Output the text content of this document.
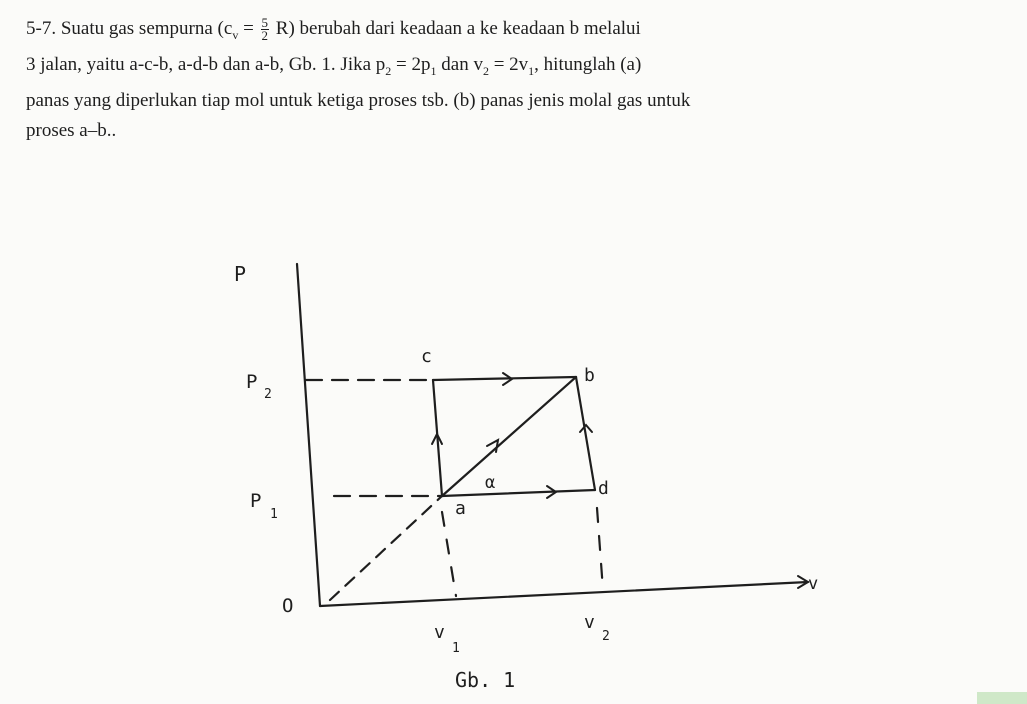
5-7. Suatu gas sempurna $(c_v = \frac{5}{2} R)$ berubah dari keadaan a ke keadaan b melalui
3 jalan, yaitu a-c-b, a-d-b dan a-b, Gb. 1. Jika $p_2 = 2p_1$ dan $v_2 = 2v_1$, hitunglah (a)
panas yang diperlukan tiap mol untuk ketiga proses tsb. (b) panas jenis molal gas untuk
proses a–b..
P
v
O
P
2
P
1
v
1
v
2
a
b
c
d
α
Gb. 1
